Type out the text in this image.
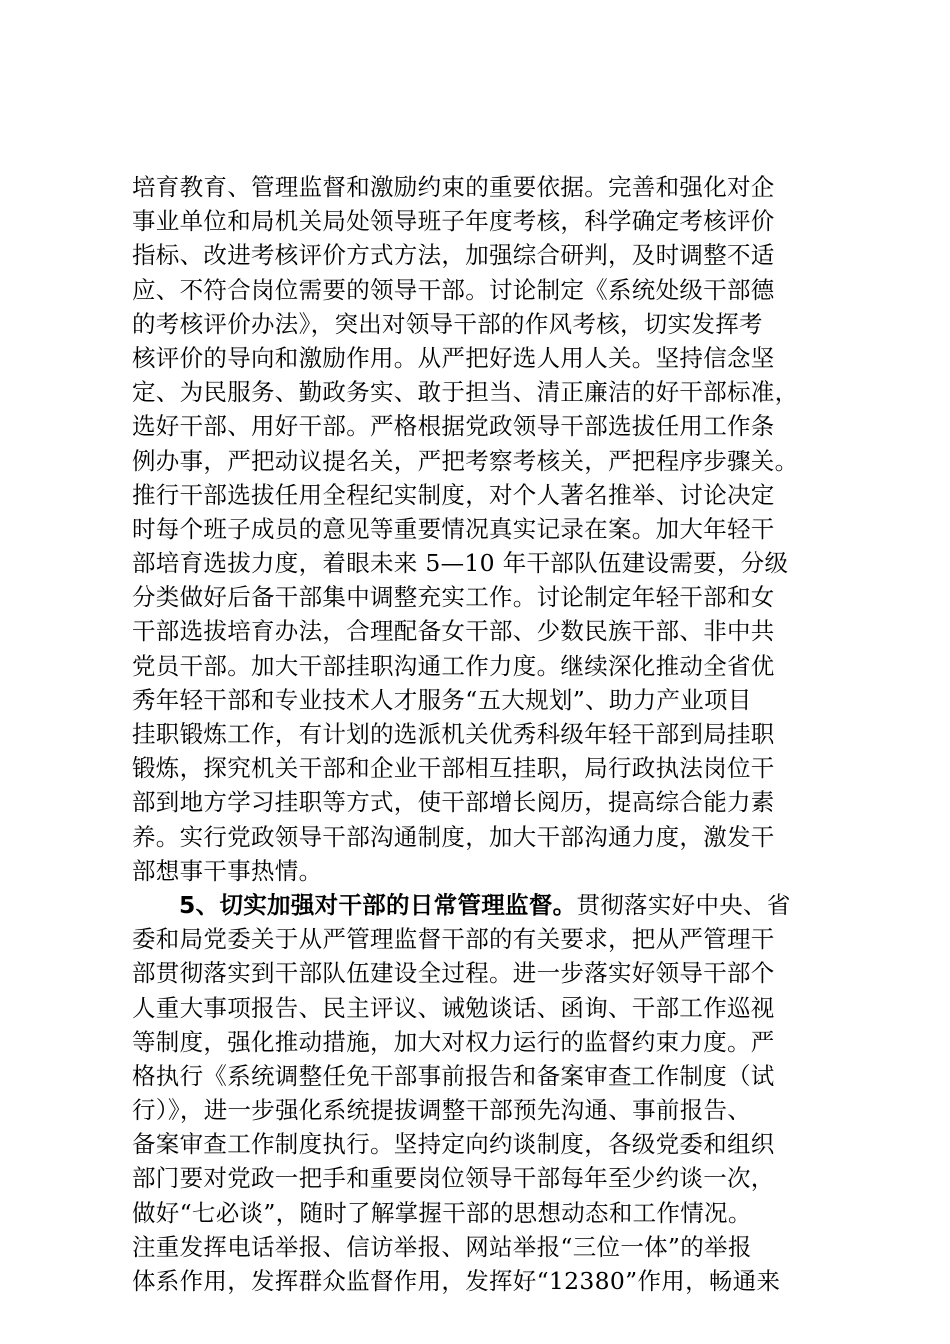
培育教育、管理监督和激励约束的重要依据。完善和强化对企
事业单位和局机关局处领导班子年度考核，科学确定考核评价
指标、改进考核评价方式方法，加强综合研判，及时调整不适
应、不符合岗位需要的领导干部。讨论制定《系统处级干部德
的考核评价办法》，突出对领导干部的作风考核，切实发挥考
核评价的导向和激励作用。从严把好选人用人关。坚持信念坚
定、为民服务、勤政务实、敢于担当、清正廉洁的好干部标准，
选好干部、用好干部。严格根据党政领导干部选拔任用工作条
例办事，严把动议提名关，严把考察考核关，严把程序步骤关。
推行干部选拔任用全程纪实制度，对个人著名推举、讨论决定
时每个班子成员的意见等重要情况真实记录在案。加大年轻干
部培育选拔力度，着眼未来 5—10 年干部队伍建设需要，分级
分类做好后备干部集中调整充实工作。讨论制定年轻干部和女
干部选拔培育办法，合理配备女干部、少数民族干部、非中共
党员干部。加大干部挂职沟通工作力度。继续深化推动全省优
秀年轻干部和专业技术人才服务“五大规划”、助力产业项目
挂职锻炼工作，有计划的选派机关优秀科级年轻干部到局挂职
锻炼，探究机关干部和企业干部相互挂职，局行政执法岗位干
部到地方学习挂职等方式，使干部增长阅历，提高综合能力素
养。实行党政领导干部沟通制度，加大干部沟通力度，激发干
部想事干事热情。
5、切实加强对干部的日常管理监督。贯彻落实好中央、省
委和局党委关于从严管理监督干部的有关要求，把从严管理干
部贯彻落实到干部队伍建设全过程。进一步落实好领导干部个
人重大事项报告、民主评议、诫勉谈话、函询、干部工作巡视
等制度，强化推动措施，加大对权力运行的监督约束力度。严
格执行《系统调整任免干部事前报告和备案审查工作制度（试
行）》，进一步强化系统提拔调整干部预先沟通、事前报告、
备案审查工作制度执行。坚持定向约谈制度，各级党委和组织
部门要对党政一把手和重要岗位领导干部每年至少约谈一次，
做好“七必谈”，随时了解掌握干部的思想动态和工作情况。
注重发挥电话举报、信访举报、网站举报“三位一体”的举报
体系作用，发挥群众监督作用，发挥好“12380”作用，畅通来
